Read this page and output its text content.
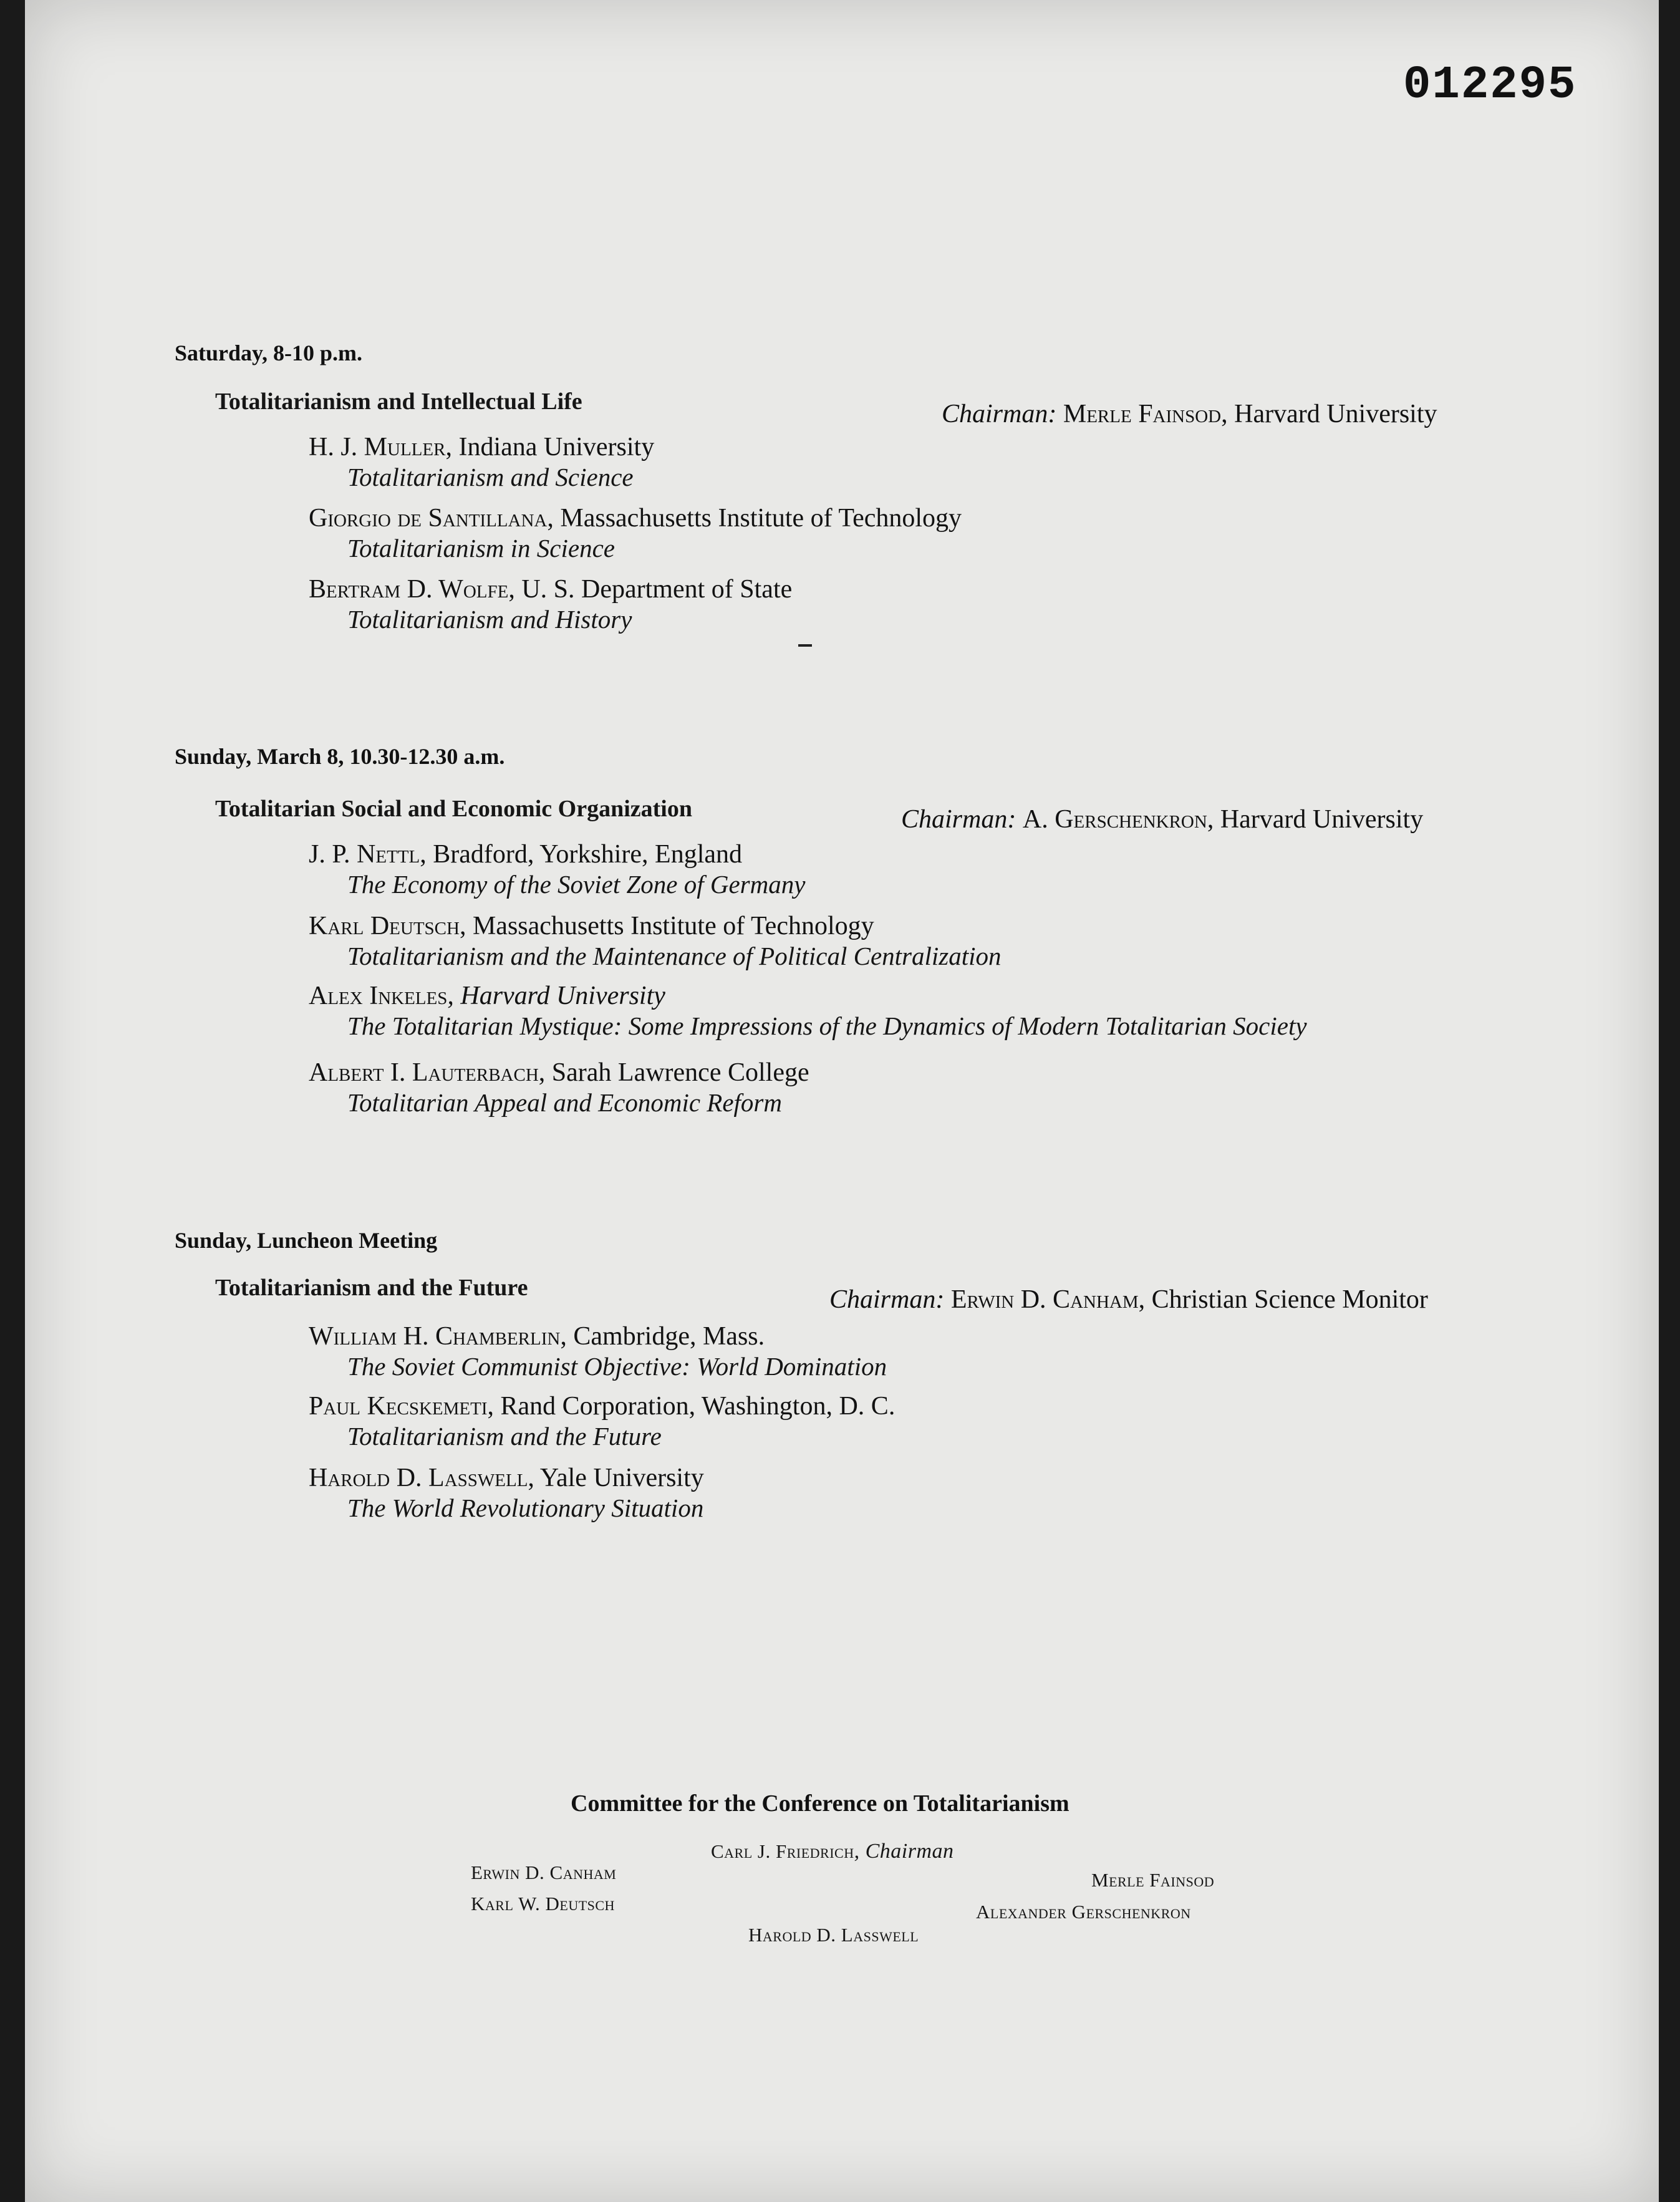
012295
Saturday, 8-10 p.m.
Totalitarianism and Intellectual Life	Chairman: Merle Fainsod, Harvard University
H. J. Muller, Indiana University
Totalitarianism and Science
Giorgio de Santillana, Massachusetts Institute of Technology
Totalitarianism in Science
Bertram D. Wolfe, U. S. Department of State
Totalitarianism and History
Sunday, March 8, 10.30-12.30 a.m.
Totalitarian Social and Economic Organization	Chairman: A. Gerschenkron, Harvard University
J. P. Nettl, Bradford, Yorkshire, England
The Economy of the Soviet Zone of Germany
Karl Deutsch, Massachusetts Institute of Technology
Totalitarianism and the Maintenance of Political Centralization
Alex Inkeles, Harvard University
The Totalitarian Mystique: Some Impressions of the Dynamics of Modern Totalitarian Society
Albert I. Lauterbach, Sarah Lawrence College
Totalitarian Appeal and Economic Reform
Sunday, Luncheon Meeting
Totalitarianism and the Future	Chairman: Erwin D. Canham, Christian Science Monitor
William H. Chamberlin, Cambridge, Mass.
The Soviet Communist Objective: World Domination
Paul Kecskemeti, Rand Corporation, Washington, D. C.
Totalitarianism and the Future
Harold D. Lasswell, Yale University
The World Revolutionary Situation
Committee for the Conference on Totalitarianism
Carl J. Friedrich, Chairman
Erwin D. Canham
Karl W. Deutsch
Merle Fainsod
Alexander Gerschenkron
Harold D. Lasswell
